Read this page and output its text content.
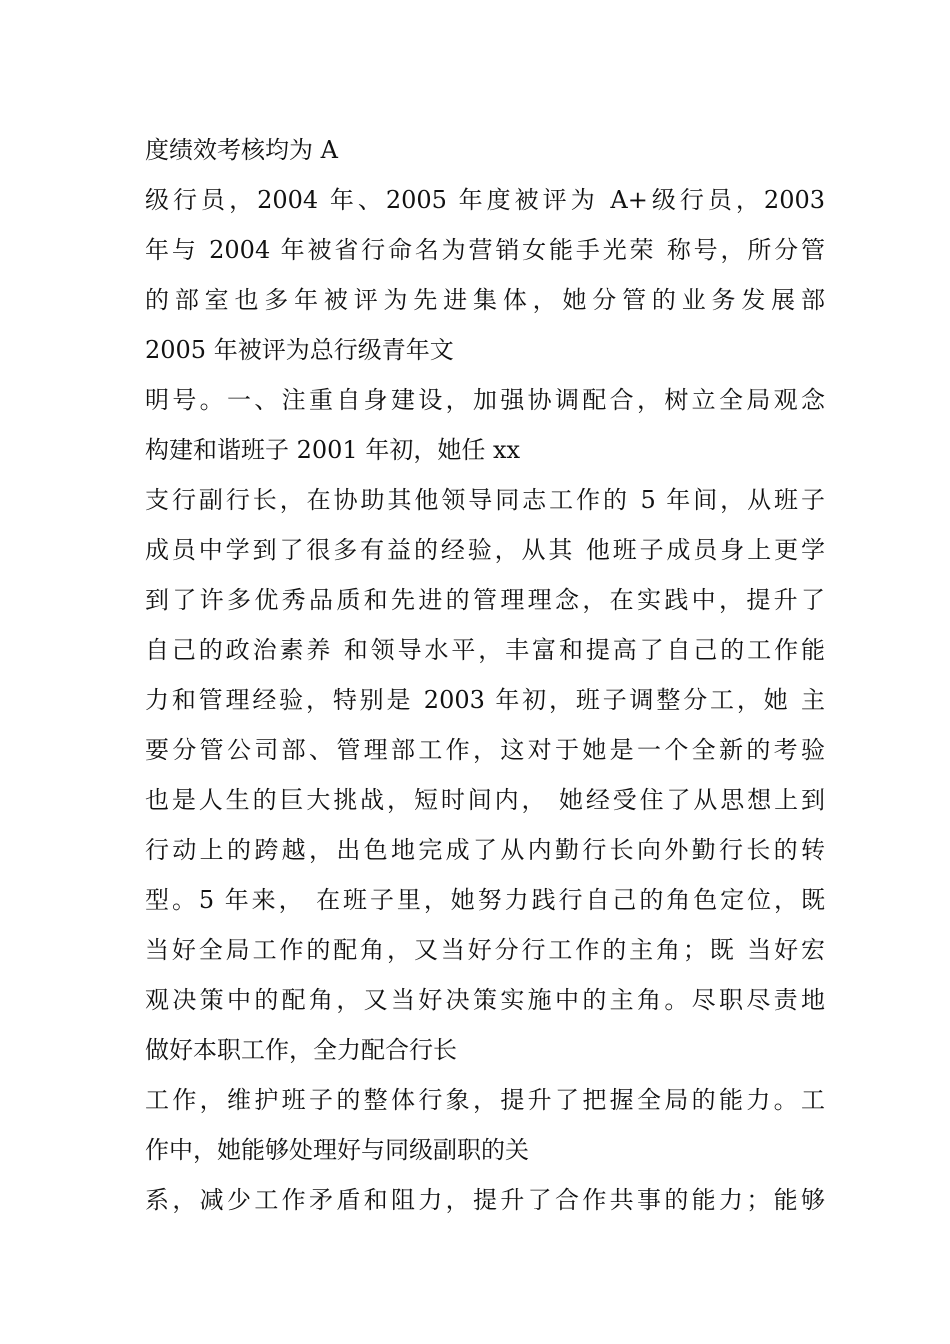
度绩效考核均为 A
级行员，2004 年、2005 年度被评为 A+级行员，2003
年与 2004 年被省行命名为营销女能手光荣 称号，所分管
的部室也多年被评为先进集体，她分管的业务发展部
2005 年被评为总行级青年文
明号。一、注重自身建设，加强协调配合，树立全局观念
构建和谐班子 2001 年初，她任 xx
支行副行长，在协助其他领导同志工作的 5 年间，从班子
成员中学到了很多有益的经验，从其 他班子成员身上更学
到了许多优秀品质和先进的管理理念，在实践中，提升了
自己的政治素养 和领导水平，丰富和提高了自己的工作能
力和管理经验，特别是 2003 年初，班子调整分工，她 主
要分管公司部、管理部工作，这对于她是一个全新的考验
也是人生的巨大挑战，短时间内， 她经受住了从思想上到
行动上的跨越，出色地完成了从内勤行长向外勤行长的转
型。5 年来， 在班子里，她努力践行自己的角色定位，既
当好全局工作的配角，又当好分行工作的主角；既 当好宏
观决策中的配角，又当好决策实施中的主角。尽职尽责地
做好本职工作，全力配合行长
工作，维护班子的整体行象，提升了把握全局的能力。工
作中，她能够处理好与同级副职的关
系，减少工作矛盾和阻力，提升了合作共事的能力；能够
